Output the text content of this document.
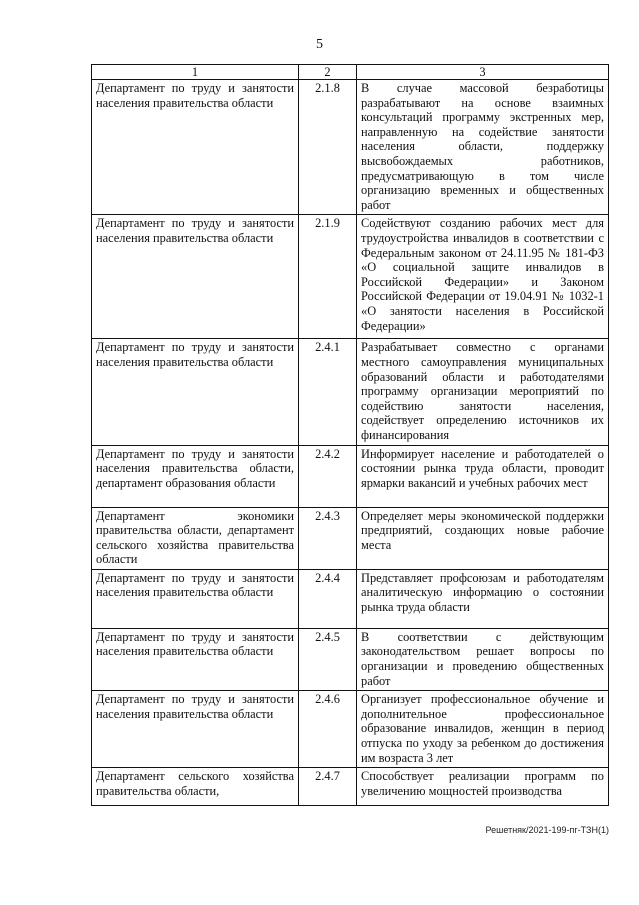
5
1	2	3
Департамент по труду и занятости населения правительства области	2.1.8	В случае массовой безработицы разрабатывают на основе взаимных консультаций программу экстренных мер, направленную на содействие занятости населения области, поддержку высвобождаемых работников, предусматривающую в том числе организацию временных и общественных работ
Департамент по труду и занятости населения правительства области	2.1.9	Содействуют созданию рабочих мест для трудоустройства инвалидов в соответствии с Федеральным законом от 24.11.95 № 181-ФЗ «О социальной защите инвалидов в Российской Федерации» и Законом Российской Федерации от 19.04.91 № 1032-1 «О занятости населения в Российской Федерации»
Департамент по труду и занятости населения правительства области	2.4.1	Разрабатывает совместно с органами местного самоуправления муниципальных образований области и работодателями программу организации мероприятий по содействию занятости населения, содействует определению источников их финансирования
Департамент по труду и занятости населения правительства области, департамент образования области	2.4.2	Информирует население и работодателей о состоянии рынка труда области, проводит ярмарки вакансий и учебных рабочих мест
Департамент экономики правительства области, департамент сельского хозяйства правительства области	2.4.3	Определяет меры экономической поддержки предприятий, создающих новые рабочие места
Департамент по труду и занятости населения правительства области	2.4.4	Представляет профсоюзам и работодателям аналитическую информацию о состоянии рынка труда области
Департамент по труду и занятости населения правительства области	2.4.5	В соответствии с действующим законодательством решает вопросы по организации и проведению общественных работ
Департамент по труду и занятости населения правительства области	2.4.6	Организует профессиональное обучение и дополнительное профессиональное образование инвалидов, женщин в период отпуска по уходу за ребенком до достижения им возраста 3 лет
Департамент сельского хозяйства правительства области,	2.4.7	Способствует реализации программ по увеличению мощностей производства
Решетняк/2021-199-пг-ТЗН(1)
